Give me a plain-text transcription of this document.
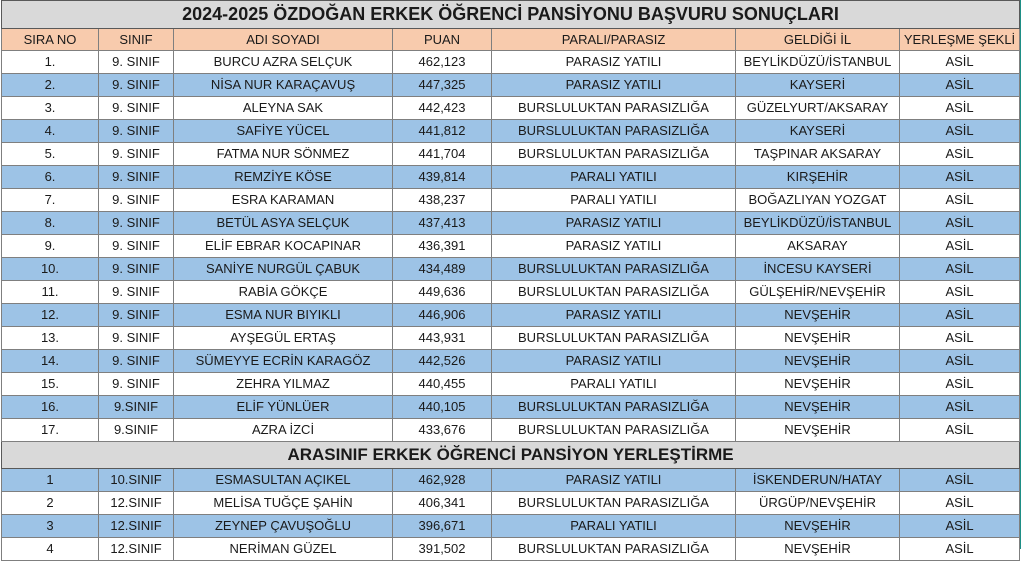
2024-2025 ÖZDOĞAN ERKEK ÖĞRENCİ PANSİYONU BAŞVURU SONUÇLARI						
SIRA NO	SINIF	ADI SOYADI	PUAN	PARALI/PARASIZ	GELDİĞİ İL	YERLEŞME ŞEKLİ
1.	9. SINIF	BURCU AZRA SELÇUK	462,123	PARASIZ YATILI	BEYLİKDÜZÜ/İSTANBUL	ASİL
2.	9. SINIF	NİSA NUR KARAÇAVUŞ	447,325	PARASIZ YATILI	KAYSERİ	ASİL
3.	9. SINIF	ALEYNA SAK	442,423	BURSLULUKTAN PARASIZLIĞA	GÜZELYURT/AKSARAY	ASİL
4.	9. SINIF	SAFİYE YÜCEL	441,812	BURSLULUKTAN PARASIZLIĞA	KAYSERİ	ASİL
5.	9. SINIF	FATMA NUR SÖNMEZ	441,704	BURSLULUKTAN PARASIZLIĞA	TAŞPINAR AKSARAY	ASİL
6.	9. SINIF	REMZİYE KÖSE	439,814	PARALI YATILI	KIRŞEHİR	ASİL
7.	9. SINIF	ESRA KARAMAN	438,237	PARALI YATILI	BOĞAZLIYAN YOZGAT	ASİL
8.	9. SINIF	BETÜL ASYA SELÇUK	437,413	PARASIZ YATILI	BEYLİKDÜZÜ/İSTANBUL	ASİL
9.	9. SINIF	ELİF EBRAR KOCAPINAR	436,391	PARASIZ YATILI	AKSARAY	ASİL
10.	9. SINIF	SANİYE NURGÜL ÇABUK	434,489	BURSLULUKTAN PARASIZLIĞA	İNCESU KAYSERİ	ASİL
11.	9. SINIF	RABİA GÖKÇE	449,636	BURSLULUKTAN PARASIZLIĞA	GÜLŞEHİR/NEVŞEHİR	ASİL
12.	9. SINIF	ESMA NUR BIYIKLI	446,906	PARASIZ YATILI	NEVŞEHİR	ASİL
13.	9. SINIF	AYŞEGÜL ERTAŞ	443,931	BURSLULUKTAN PARASIZLIĞA	NEVŞEHİR	ASİL
14.	9. SINIF	SÜMEYYE ECRİN KARAGÖZ	442,526	PARASIZ YATILI	NEVŞEHİR	ASİL
15.	9. SINIF	ZEHRA YILMAZ	440,455	PARALI YATILI	NEVŞEHİR	ASİL
16.	9.SINIF	ELİF YÜNLÜER	440,105	BURSLULUKTAN PARASIZLIĞA	NEVŞEHİR	ASİL
17.	9.SINIF	AZRA İZCİ	433,676	BURSLULUKTAN PARASIZLIĞA	NEVŞEHİR	ASİL
ARASINIF ERKEK ÖĞRENCİ PANSİYON YERLEŞTİRME						
1	10.SINIF	ESMASULTAN AÇIKEL	462,928	PARASIZ YATILI	İSKENDERUN/HATAY	ASİL
2	12.SINIF	MELİSA TUĞÇE ŞAHİN	406,341	BURSLULUKTAN PARASIZLIĞA	ÜRGÜP/NEVŞEHİR	ASİL
3	12.SINIF	ZEYNEP ÇAVUŞOĞLU	396,671	PARALI YATILI	NEVŞEHİR	ASİL
4	12.SINIF	NERİMAN GÜZEL	391,502	BURSLULUKTAN PARASIZLIĞA	NEVŞEHİR	ASİL
